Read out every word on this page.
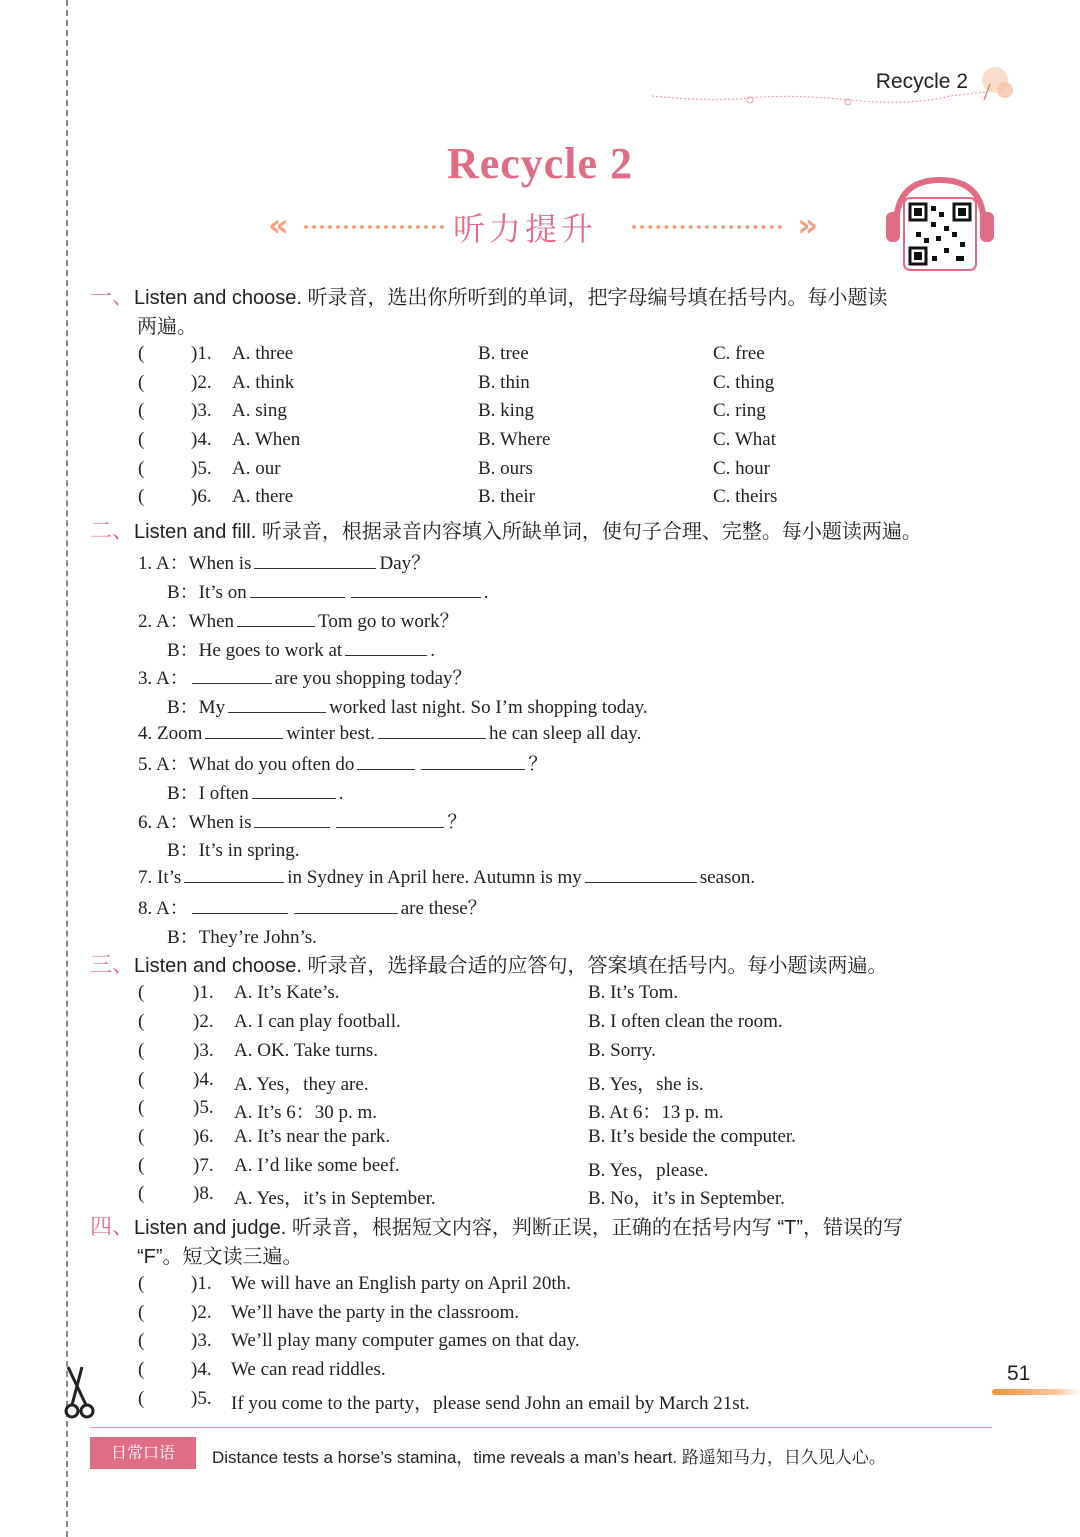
Recycle 2
Recycle 2
«	听力提升	»
一、Listen and choose. 听录音，选出你所听到的单词，把字母编号填在括号内。每小题读
两遍。
( )1. A. three	B. tree	C. free
( )2. A. think	B. thin	C. thing
( )3. A. sing	B. king	C. ring
( )4. A. When	B. Where	C. What
( )5. A. our	B. ours	C. hour
( )6. A. there	B. their	C. theirs
二、Listen and fill. 听录音，根据录音内容填入所缺单词，使句子合理、完整。每小题读两遍。
1. A：When is	Day？
B：It’s on	.
2. A：When	Tom go to work？
B：He goes to work at	.
3. A：	are you shopping today？
B：My	worked last night. So I’m shopping today.
4. Zoom	winter best.	he can sleep all day.
5. A：What do you often do	？
B：I often	.
6. A：When is	？
B：It’s in spring.
7. It’s	in Sydney in April here. Autumn is my	season.
8. A：	are these？
B：They’re John’s.
三、Listen and choose. 听录音，选择最合适的应答句，答案填在括号内。每小题读两遍。
(	)1. A. It’s Kate’s.	B. It’s Tom.
(	)2. A. I can play football.	B. I often clean the room.
(	)3. A. OK. Take turns.	B. Sorry.
(	)4. A. Yes，they are.	B. Yes，she is.
(	)5. A. It’s 6：30 p. m.	B. At 6：13 p. m.
(	)6. A. It’s near the park.	B. It’s beside the computer.
(	)7. A. I’d like some beef.	B. Yes，please.
(	)8. A. Yes，it’s in September.	B. No，it’s in September.
四、Listen and judge. 听录音，根据短文内容，判断正误，正确的在括号内写 “T”，错误的写
“F”。短文读三遍。
( )1. We will have an English party on April 20th.
( )2. We’ll have the party in the classroom.
( )3. We’ll play many computer games on that day.
( )4. We can read riddles.
( )5. If you come to the party，please send John an email by March 21st.
51
日常口语	Distance tests a horse’s stamina，time reveals a man’s heart. 路遥知马力，日久见人心。
